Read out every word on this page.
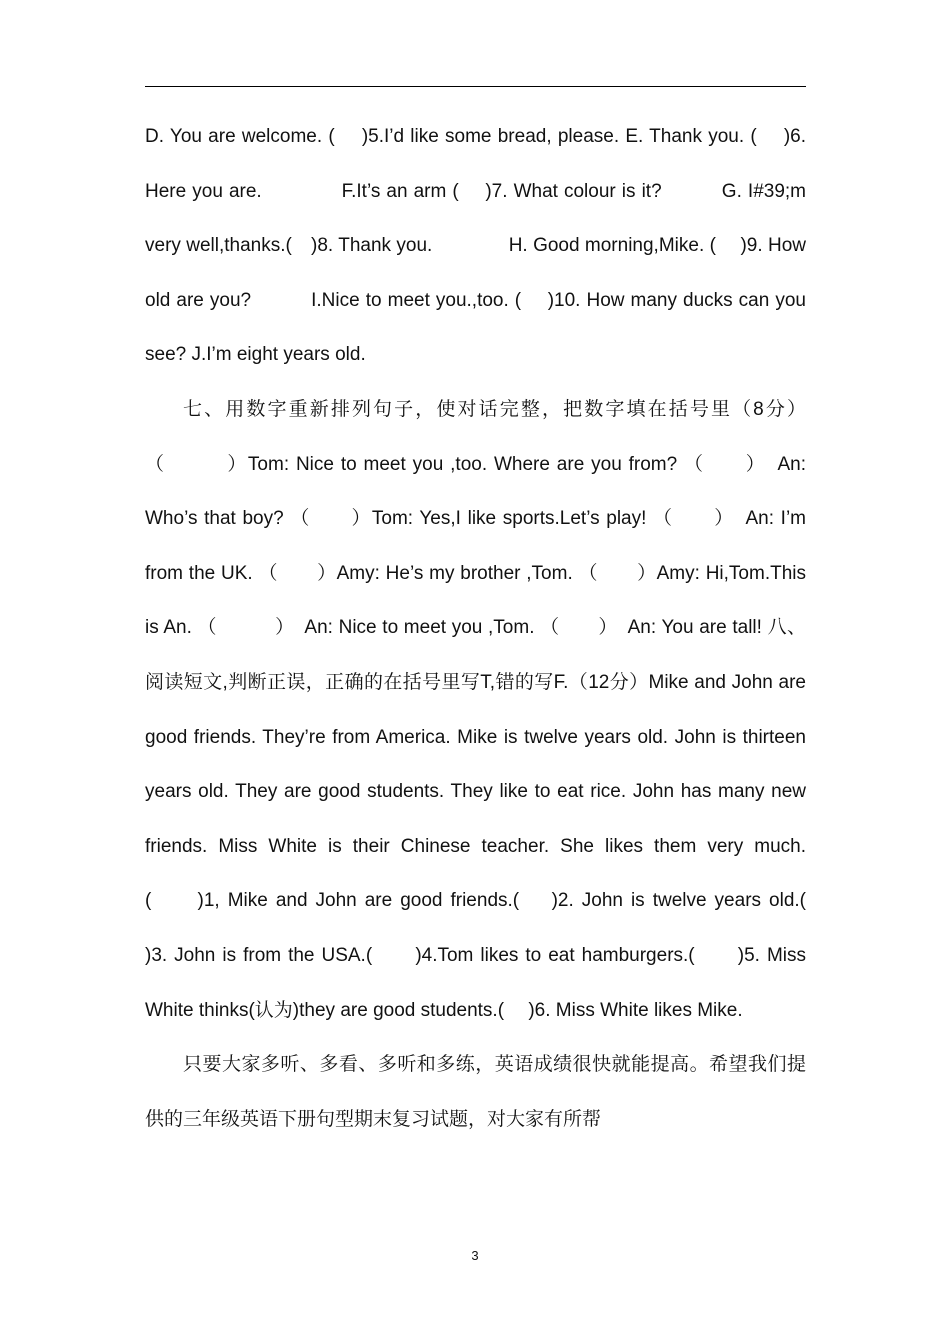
D. You are welcome. (　 )5.I’d like some bread, please. E. Thank you. (　 )6. Here you are.　　　　F.It’s an arm (　 )7. What colour is it?　　　G. I#39;m very well,thanks.(　)8. Thank you.　　　　H. Good morning,Mike. (　 )9. How old are you?　　　I.Nice to meet you.,too. (　 )10. How many ducks can you see? J.I’m eight years old.

七、用数字重新排列句子，使对话完整，把数字填在括号里（8分）（　　　）Tom: Nice to meet you ,too. Where are you from? （　　）　An: Who’s that boy? （　　）Tom: Yes,I like sports.Let’s play! （　　）　An: I’m from the UK. （　　）Amy: He’s my brother ,Tom. （　　）Amy: Hi,Tom.This is An. （　　　）　An: Nice to meet you ,Tom. （　　）　An: You are tall! 八、阅读短文,判断正误，正确的在括号里写T,错的写F.（12分）Mike and John are good friends. They’re from America. Mike is twelve years old. John is thirteen years old. They are good students. They like to eat rice. John has many new friends. Miss White is their Chinese teacher. She likes them very much.(　　)1, Mike and John are good friends.(　 )2. John is twelve years old.(　 )3. John is from the USA.(　　)4.Tom likes to eat hamburgers.(　　)5. Miss White thinks(认为)they are good students.(　 )6. Miss White likes Mike.

只要大家多听、多看、多听和多练，英语成绩很快就能提高。希望我们提供的三年级英语下册句型期末复习试题，对大家有所帮

3
